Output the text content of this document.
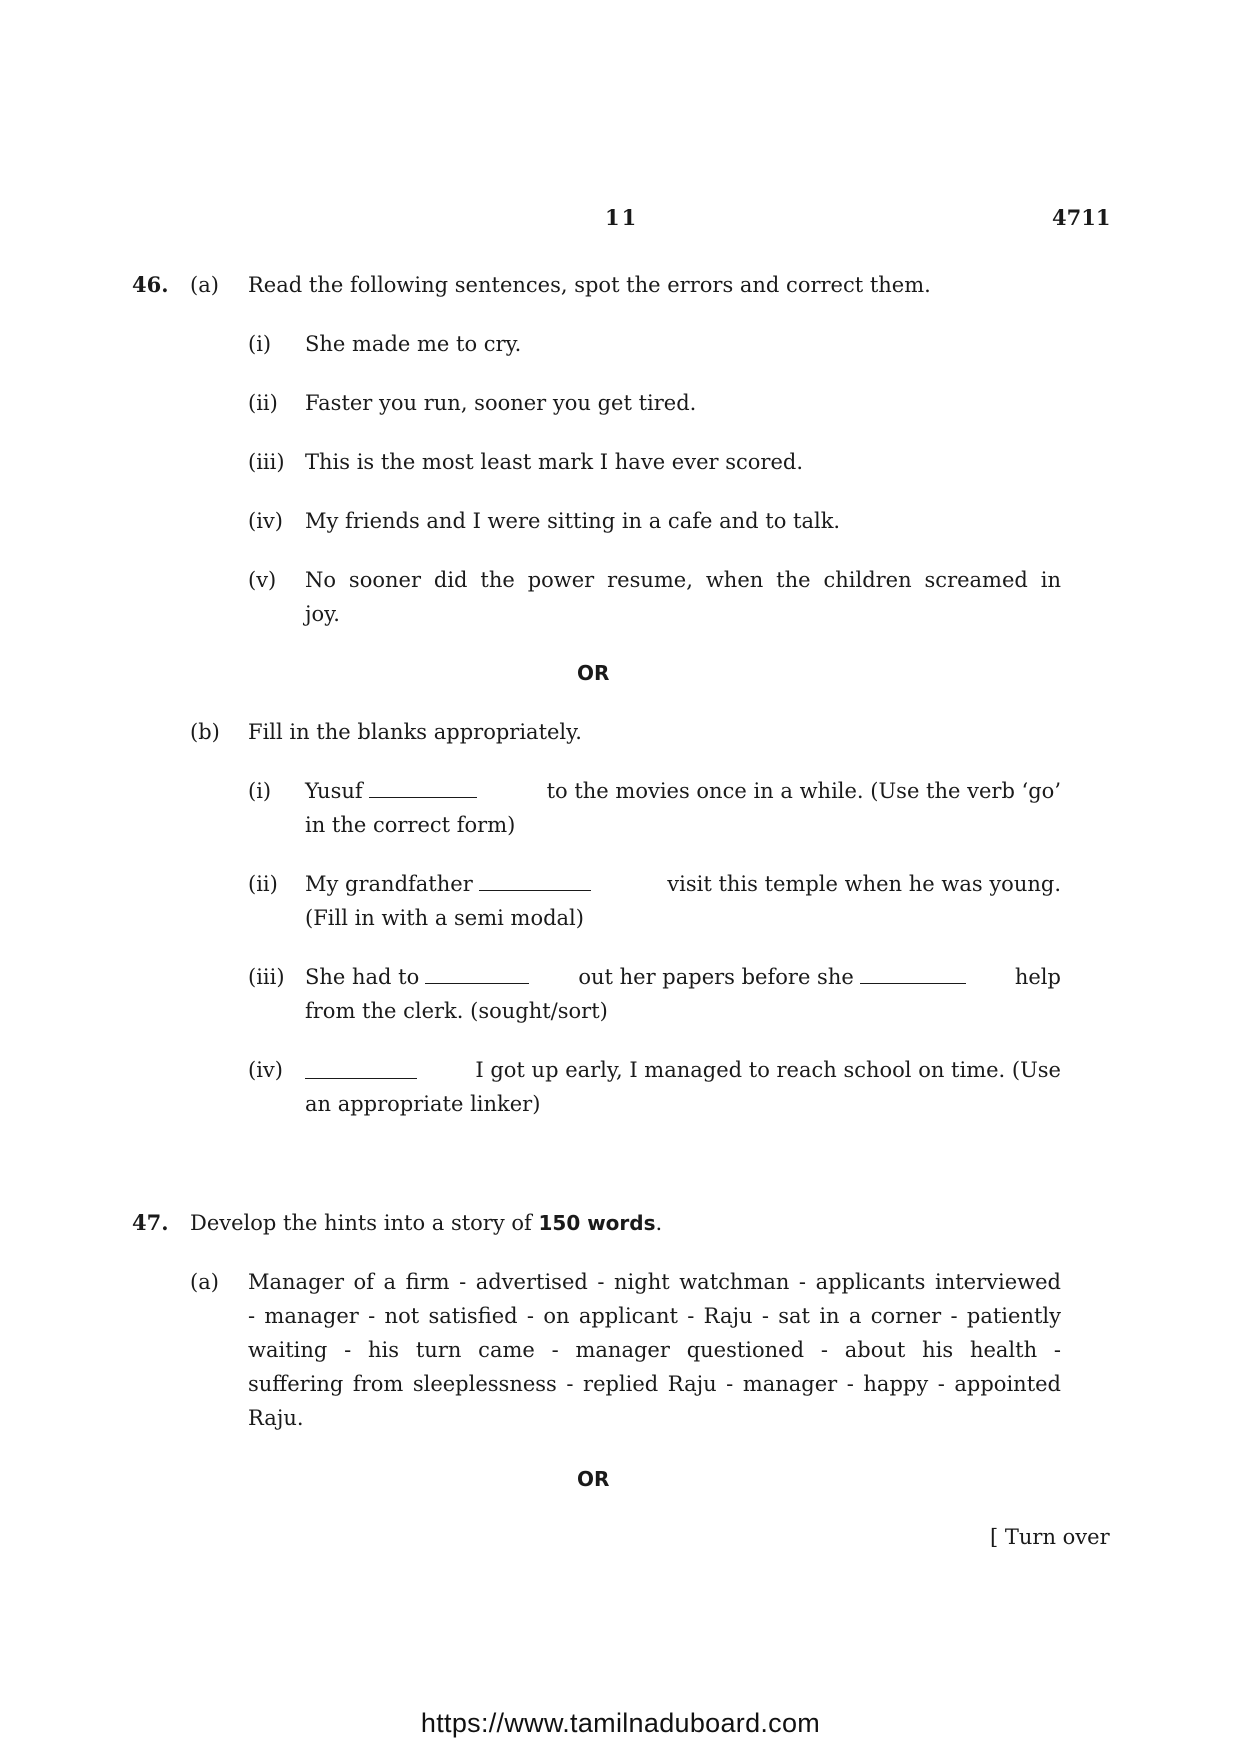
11	4711
46. (a) Read the following sentences, spot the errors and correct them.
(i) She made me to cry.
(ii) Faster you run, sooner you get tired.
(iii) This is the most least mark I have ever scored.
(iv) My friends and I were sitting in a cafe and to talk.
(v) No sooner did the power resume, when the children screamed in
joy.
OR
(b) Fill in the blanks appropriately.
(i) Yusuf	to the movies once in a while. (Use the verb ‘go’
in the correct form)
(ii) My grandfather	visit this temple when he was young.
(Fill in with a semi modal)
(iii) She had to	out her papers before she	help
from the clerk. (sought/sort)
(iv)	I got up early, I managed to reach school on time. (Use
an appropriate linker)
47. Develop the hints into a story of 150 words.
(a) Manager of a firm - advertised - night watchman - applicants interviewed
- manager - not satisfied - on applicant - Raju - sat in a corner - patiently
waiting - his turn came - manager questioned - about his health -
suffering from sleeplessness - replied Raju - manager - happy - appointed
Raju.
OR
[ Turn over
https://www.tamilnaduboard.com
